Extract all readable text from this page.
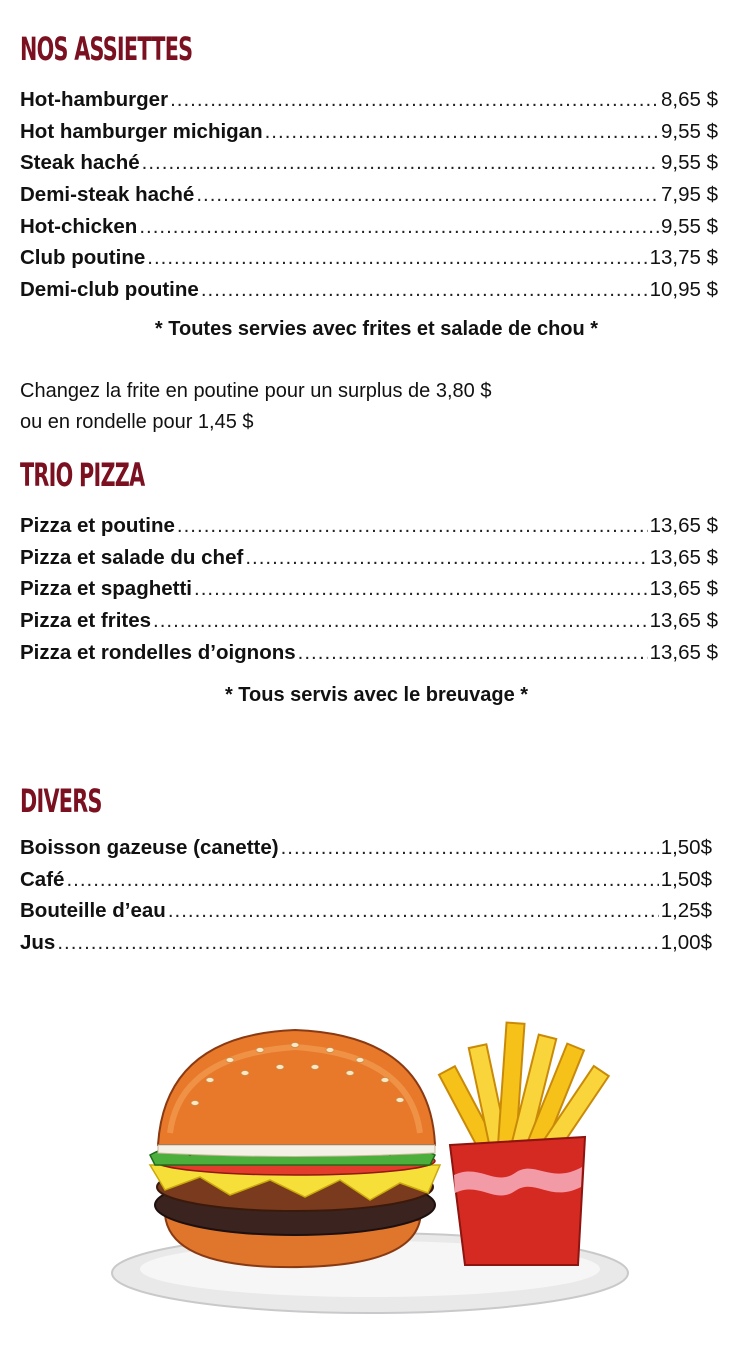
NOS ASSIETTES
Hot-hamburger .....	8,65 $
Hot hamburger michigan .....	9,55 $
Steak haché .....	9,55 $
Demi-steak haché .....	7,95 $
Hot-chicken .....	9,55 $
Club poutine .....	13,75 $
Demi-club poutine .....	10,95 $
* Toutes servies avec frites et salade de chou *
Changez la frite en poutine pour un surplus de 3,80 $
ou en rondelle pour 1,45 $
TRIO PIZZA
Pizza et poutine .....	13,65 $
Pizza et salade du chef .....	13,65 $
Pizza et spaghetti .....	13,65 $
Pizza et frites .....	13,65 $
Pizza et rondelles d’oignons .....	13,65 $
* Tous servis avec le breuvage *
DIVERS
Boisson gazeuse (canette) .....	1,50$
Café .....	1,50$
Bouteille d’eau .....	1,25$
Jus .....	1,00$
